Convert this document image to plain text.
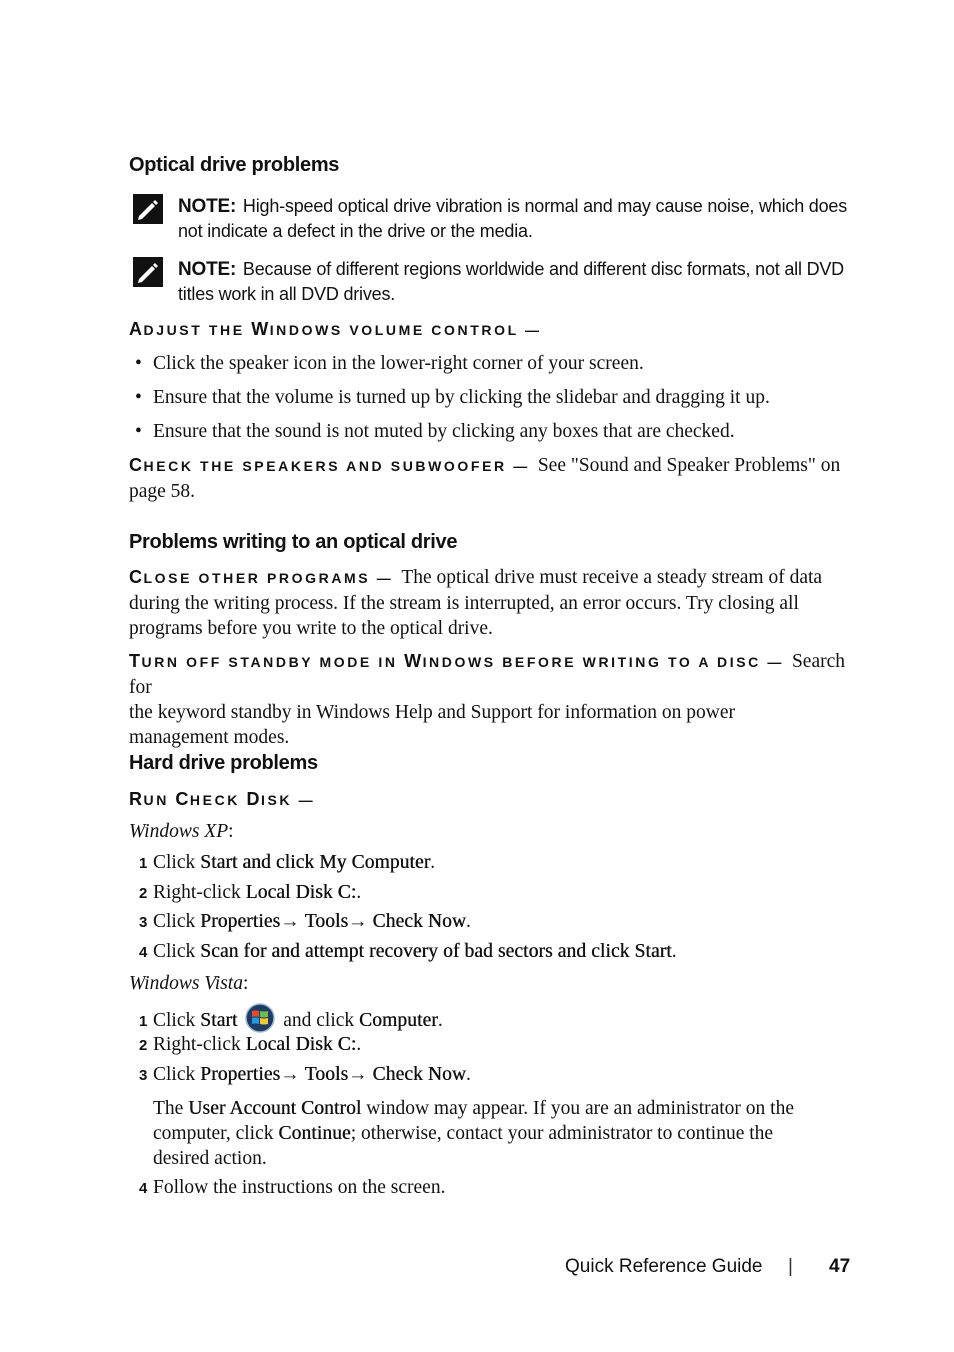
Optical drive problems
NOTE: High-speed optical drive vibration is normal and may cause noise, which does not indicate a defect in the drive or the media.
NOTE: Because of different regions worldwide and different disc formats, not all DVD titles work in all DVD drives.
ADJUST THE WINDOWS VOLUME CONTROL —
• Click the speaker icon in the lower-right corner of your screen.
• Ensure that the volume is turned up by clicking the slidebar and dragging it up.
• Ensure that the sound is not muted by clicking any boxes that are checked.
CHECK THE SPEAKERS AND SUBWOOFER — See "Sound and Speaker Problems" on
page 58.
Problems writing to an optical drive
CLOSE OTHER PROGRAMS — The optical drive must receive a steady stream of data
during the writing process. If the stream is interrupted, an error occurs. Try closing all
programs before you write to the optical drive.
TURN OFF STANDBY MODE IN WINDOWS BEFORE WRITING TO A DISC — Search for
the keyword standby in Windows Help and Support for information on power
management modes.
Hard drive problems
RUN CHECK DISK —
Windows XP:
1 Click Start and click My Computer.
2 Right-click Local Disk C:.
3 Click Properties→ Tools→ Check Now.
4 Click Scan for and attempt recovery of bad sectors and click Start.
Windows Vista:
1 Click Start  and click Computer.
2 Right-click Local Disk C:.
3 Click Properties→ Tools→ Check Now.
The User Account Control window may appear. If you are an administrator on the
computer, click Continue; otherwise, contact your administrator to continue the
desired action.
4 Follow the instructions on the screen.
Quick Reference Guide | 47
